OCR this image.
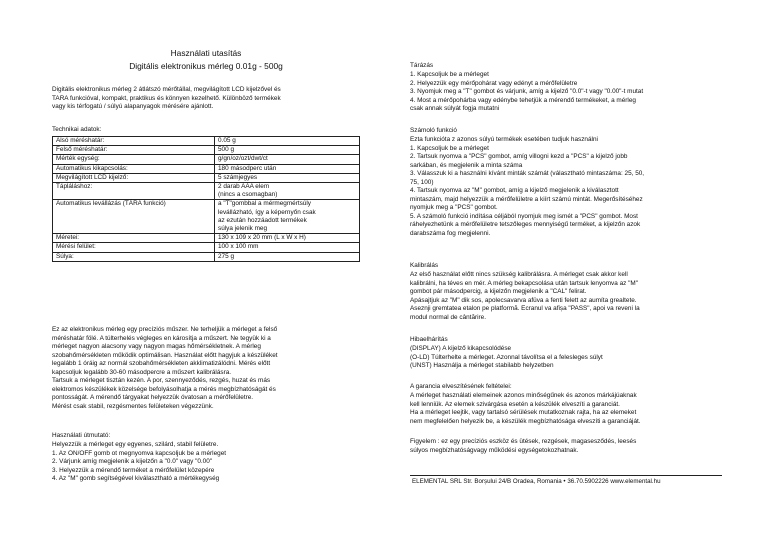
Használati utasítás
Digitális elektronikus mérleg 0.01g - 500g
Digitális elektronikus mérleg 2 átlátszó mérőtállal, megvilágított LCD kijelzővel és
TARA funkcióval, kompakt, praktikus és könnyen kezelhető. Különböző termékek
vagy kis térfogatú / súlyú alapanyagok mérésére ajánlott.
Technikai adatok:
Alsó méréshatár:	0.05 g

Felső méréshatár:	500 g

Mérték egység:	g/gn/oz/ozt/dwt/ct

Automatikus kikapcsolás:	180 másodperc után

Megvilágított LCD kijelző:	5 számjegyes

Tápláláshoz:	2 darab AAA elem
(nincs a csomagban)

Automatikus levállázás (TÁRA funkció)	a "T"gombbal a mérmegmértsúly
levállázható, így a képernyőn csak
az ezután hozzáadott termékek
súlya jelenik meg

Méretei:	130 x 109 x 20 mm (L x W x H)

Mérési felület:	100 x 100 mm

Súlya:	275 g
Ez az elektronikus mérleg egy precíziós műszer. Ne terheljük a mérleget a felső
méréshatár fölé. A túlterhelés végleges en károsítja a műszert. Ne tegyük ki a
mérleget nagyon alacsony vagy nagyon magas hőmérsékletnek. A mérleg
szobahőmérsékleten működik optimálisan. Használat előtt hagyjuk a készüléket
legalább 1 óráig az normál szobahőmérsékleten akklimatizálódni. Mérés előtt
kapcsoljuk legalább 30-60 másodpercre a műszert kalibrálásra.
Tartsuk a mérleget tisztán kezén. A por, szennyeződés, rezgés, huzat és más
elektromos készülékek közelsége befolyásolhatja a mérés megbízhatóságát és
pontosságát. A mérendő tárgyakat helyezzük óvatosan a mérőfelületre.
Mérést csak stabil, rezgésmentes felületeken végezzünk.
Használati útmutató:
Helyezzük a mérleget egy egyenes, szilárd, stabil felületre.
1. Az ON/OFF gomb ot megnyomva kapcsoljuk be a mérleget
2. Várjunk amíg megjelenik a kijelzőn a "0.0" vagy "0.00"
3. Helyezzük a mérendő terméket a mérőfelület közepére
4. Az "M" gomb segítségével kiválasztható a mértékegység
Tárázás
1. Kapcsoljuk be a mérleget
2. Helyezzük egy mérőpohárat vagy edényt a mérőfelületre
3. Nyomjuk meg a "T" gombot és várjunk, amíg a kijelző "0.0"-t vagy "0.00"-t mutat
4. Most a mérőpohárba vagy edénybe tehetjük a mérendő termékeket, a mérleg
csak annak súlyát fogja mutatni
Számoló funkció
Ezta funkcióta z azonos súlyú termékek esetében tudjuk használni
1. Kapcsoljuk be a mérleget
2. Tartsuk nyomva a "PCS" gombot, amíg villogni kezd a "PCS" a kijelző jobb
sarkában, és megjelenik a minta száma
3. Válasszuk ki a használni kívánt minták számát (választható mintaszáma: 25, 50,
75, 100)
4. Tartsuk nyomva az "M" gombot, amíg a kijelző megjelenik a kiválasztott
mintaszám, majd helyezzük a mérőfelületre a kiírt számú mintát. Megerősítéséhez
nyomjuk meg a "PCS" gombot.
5. A számoló funkció indítása céljából nyomjuk meg ismét a "PCS" gombot. Most
ráhelyezhetünk a mérőfelületre tetszőleges mennyiségű terméket, a kijelzőn azok
darabszáma fog megjelenni.
Kalibrálás
Az első használat előtt nincs szükség kalibrálásra. A mérleget csak akkor kell
kalibrálni, ha téves en mér. A mérleg bekapcsolása után tartsuk lenyomva az "M"
gombot pár másodpercig, a kijelzőn megjelenik a "CAL" felirat.
Apásajtjuk az "M" dik sos, apolecsavarva afüva a fenti felett az aumíta grealtete.
Aseznji gremtatea etalon pe platformă. Ecranul va afișa "PASS", apoi va reveni la
modul normal de cântărire.
Hibaelhárítás
(DISPLAY) A kijelző kikapcsolódése
(O-LD) Túlterhelte a mérleget. Azonnal távolítsa el a felesleges súlyt
(UNST) Használja a mérleget stabilabb helyzetben
A garancia elveszítésének feltételei:
A mérleget használati elemeinek azonos minőségűnek és azonos márkájúaknak
kell lenniük. Az elemek szivárgása esetén a készülék elveszíti a garanciát.
Ha a mérleget leejtik, vagy tartalsó sérülések mutatkoznak rajta, ha az elemeket
nem megfelelően helyezik be, a készülék megbízhatósága elveszíti a garanciáját.
Figyelem : ez egy precíziós eszköz és ütések, rezgések, magasesződés, leesés
súlyos megbízhatóságvagy működési egységetokozhatnak.
ELEMENTAL SRL Str. Borșului 24/B Oradea, Romania • 36.70.5902226 www.elemental.hu
